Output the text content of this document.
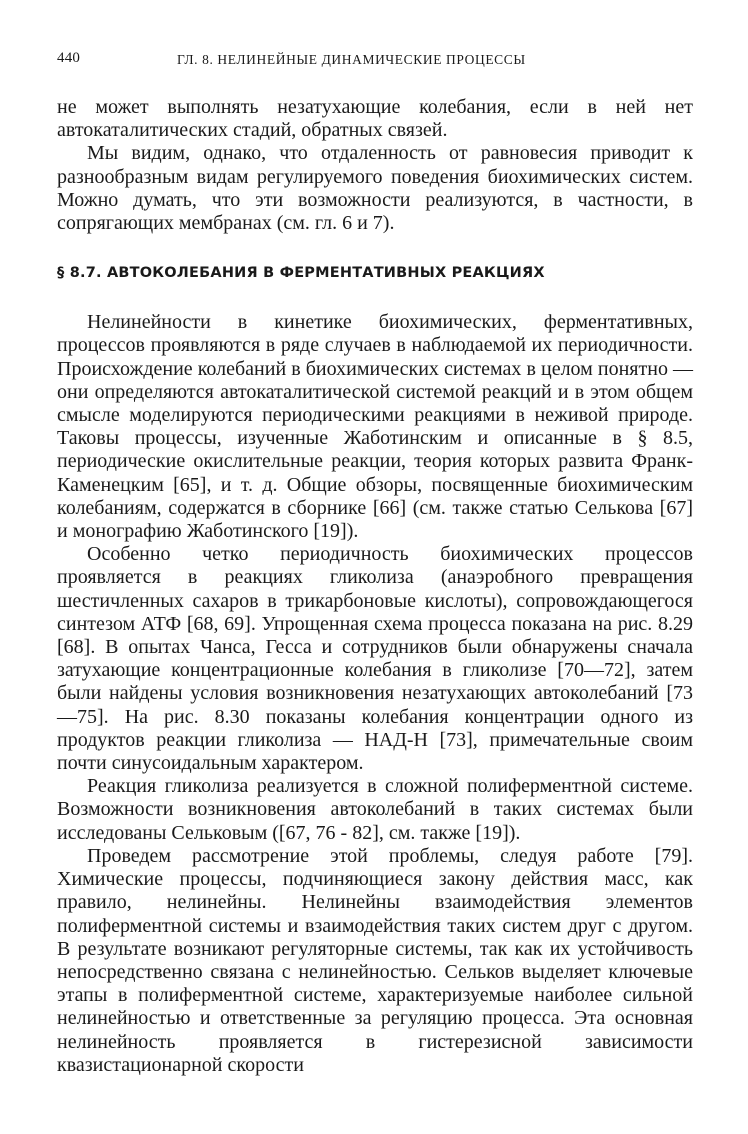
440	ГЛ. 8. НЕЛИНЕЙНЫЕ ДИНАМИЧЕСКИЕ ПРОЦЕССЫ

не может выполнять незатухающие колебания, если в ней нет автокаталитических стадий, обратных связей.

Мы видим, однако, что отдаленность от равновесия приводит к разнообразным видам регулируемого поведения биохимических систем. Можно думать, что эти возможности реализуются, в частности, в сопрягающих мембранах (см. гл. 6 и 7).

§ 8.7. АВТОКОЛЕБАНИЯ В ФЕРМЕНТАТИВНЫХ РЕАКЦИЯХ

Нелинейности в кинетике биохимических, ферментативных, процессов проявляются в ряде случаев в наблюдаемой их периодичности. Происхождение колебаний в биохимических системах в целом понятно — они определяются автокаталитической системой реакций и в этом общем смысле моделируются периодическими реакциями в неживой природе. Таковы процессы, изученные Жаботинским и описанные в § 8.5, периодические окислительные реакции, теория которых развита Франк-Каменецким [65], и т. д. Общие обзоры, посвященные биохимическим колебаниям, содержатся в сборнике [66] (см. также статью Селькова [67] и монографию Жаботинского [19]).

Особенно четко периодичность биохимических процессов проявляется в реакциях гликолиза (анаэробного превращения шестичленных сахаров в трикарбоновые кислоты), сопровождающегося синтезом АТФ [68, 69]. Упрощенная схема процесса показана на рис. 8.29 [68]. В опытах Чанса, Гесса и сотрудников были обнаружены сначала затухающие концентрационные колебания в гликолизе [70—72], затем были найдены условия возникновения незатухающих автоколебаний [73—75]. На рис. 8.30 показаны колебания концентрации одного из продуктов реакции гликолиза — НАД-Н [73], примечательные своим почти синусоидальным характером.

Реакция гликолиза реализуется в сложной полиферментной системе. Возможности возникновения автоколебаний в таких системах были исследованы Сельковым ([67, 76 - 82], см. также [19]).

Проведем рассмотрение этой проблемы, следуя работе [79]. Химические процессы, подчиняющиеся закону действия масс, как правило, нелинейны. Нелинейны взаимодействия элементов полиферментной системы и взаимодействия таких систем друг с другом. В результате возникают регуляторные системы, так как их устойчивость непосредственно связана с нелинейностью. Сельков выделяет ключевые этапы в полиферментной системе, характеризуемые наиболее сильной нелинейностью и ответственные за регуляцию процесса. Эта основная нелинейность проявляется в гистерезисной зависимости квазистационарной скорости
